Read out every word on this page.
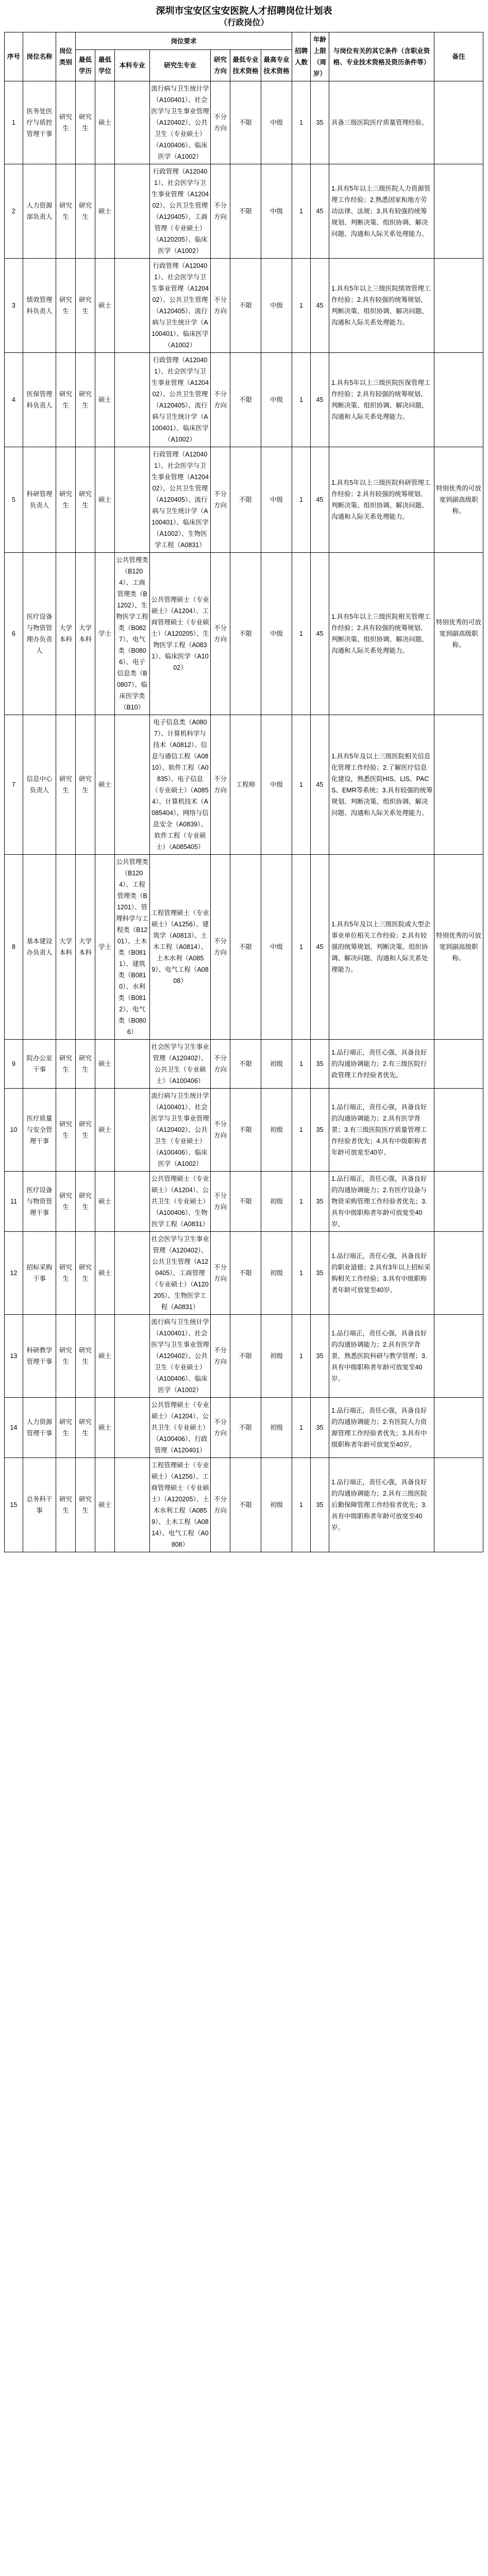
深圳市宝安区宝安医院人才招聘岗位计划表
（行政岗位）
序号	岗位名称	岗位类别	岗位要求							招聘人数	年龄上限（周岁）	与岗位有关的其它条件（含职业资格、专业技术资格及资历条件等）	备注
			最低学历	最低学位	本科专业	研究生专业	研究方向	最低专业技术资格	最高专业技术资格				
1	医务处医疗与质控管理干事	研究生	研究生	硕士		流行病与卫生统计学（A100401）、社会医学与卫生事业管理（A120402）、公共卫生（专业硕士）（A100406）、临床医学（A1002）	不分方向	不限	中级	1	35	具备三级医院医疗质量管理经验。	
2	人力资源部负责人	研究生	研究生	硕士		行政管理（A120401）、社会医学与卫生事业管理（A120402）、公共卫生管理（A120405）、工商管理（专业硕士）（A120205）、临床医学（A1002）	不分方向	不限	中级	1	45	1.具有5年以上三级医院人力资源管理工作经验；2.熟悉国家和地方劳动法律、法规；3.具有较强的统筹规划、判断决策、组织协调、解决问题、沟通和人际关系处理能力。	
3	绩效管理科负责人	研究生	研究生	硕士		行政管理（A120401）、社会医学与卫生事业管理（A120402）、公共卫生管理（A120405）、流行病与卫生统计学（A100401）、临床医学（A1002）	不分方向	不限	中级	1	45	1.具有5年以上三级医院绩效管理工作经验；2.具有较强的统筹规划、判断决策、组织协调、解决问题、沟通和人际关系处理能力。	
4	医保管理科负责人	研究生	研究生	硕士		行政管理（A120401）、社会医学与卫生事业管理（A120402）、公共卫生管理（A120405）、流行病与卫生统计学（A100401）、临床医学（A1002）	不分方向	不限	中级	1	45	1.具有5年以上三级医院医保管理工作经验；2.具有较强的统筹规划、判断决策、组织协调、解决问题、沟通和人际关系处理能力。	
5	科研管理负责人	研究生	研究生	硕士		行政管理（A120401）、社会医学与卫生事业管理（A120402）、公共卫生管理（A120405）、流行病与卫生统计学（A100401）、临床医学（A1002）、生物医学工程（A0831）	不分方向	不限	中级	1	45	1.具有5年以上三级医院科研管理工作经验；2.具有较强的统筹规划、判断决策、组织协调、解决问题、沟通和人际关系处理能力。	特别优秀的可放宽到副高级职称。
6	医疗设备与物资管理办负责人	大学本科	大学本科	学士	公共管理类（B1204）、工商管理类（B1202）、生物医学工程类（B0827）、电气类（B0806）、电子信息类（B0807）、临床医学类（B10）	公共管理硕士（专业硕士）（A1204）、工商管理硕士（专业硕士）（A120205）、生物医学工程（A0831）、临床医学（A1002）	不分方向	不限	中级	1	45	1.具有5年以上三级医院相关管理工作经验；2.具有较强的统筹规划、判断决策、组织协调、解决问题、沟通和人际关系处理能力。	特别优秀的可放宽到副高级职称。
7	信息中心负责人	研究生	研究生	硕士		电子信息类（A0807）、计算机科学与技术（A0812）、信息与通信工程（A0810）、软件工程（A0835）、电子信息（专业硕士）（A0854）、计算机技术（A085404）、网络与信息安全（A0839）、软件工程（专业硕士）（A085405）	不分方向	工程师	中级	1	45	1.具有5年及以上三级医院相关信息化管理工作经验；2.了解医疗信息化建设，熟悉医院HIS、LIS、PACS、EMR等系统；3.具有较强的统筹规划、判断决策、组织协调、解决问题、沟通和人际关系处理能力。	
8	基本建设办负责人	大学本科	大学本科	学士	公共管理类（B1204）、工程管理类（B1201）、管理科学与工程类（B1201）、土木类（B0811）、建筑类（B0810）、水利类（B0812）、电气类（B0806）	工程管理硕士（专业硕士）（A1256）、建筑学（A0813）、土木工程（A0814）、土木水利（A0859）、电气工程（A0808）	不分方向	不限	中级	1	45	1.具有5年及以上三级医院或大型企事业单位相关工作经验；2.具有较强的统筹规划、判断决策、组织协调、解决问题、沟通和人际关系处理能力。	特别优秀的可放宽到副高级职称。
9	院办公室干事	研究生	研究生	硕士		社会医学与卫生事业管理（A120402）、公共卫生（专业硕士）（A100406）	不分方向	不限	初级	1	35	1.品行端正，责任心强，具备良好的沟通协调能力；2.有三级医院行政管理工作经验者优先。	
10	医疗质量与安全管理干事	研究生	研究生	硕士		流行病与卫生统计学（A100401）、社会医学与卫生事业管理（A120402）、公共卫生（专业硕士）（A100406）、临床医学（A1002）	不分方向	不限	初级	1	35	1.品行端正，责任心强，具备良好的沟通协调能力；2.具有医学背景；3.有三级医院医疗质量管理工作经验者优先；4.具有中级职称者年龄可放宽至40岁。	
11	医疗设备与物资管理干事	研究生	研究生	硕士		公共管理硕士（专业硕士）（A1204）、公共卫生（专业硕士）（A100406）、生物医学工程（A0831）	不分方向	不限	初级	1	35	1.品行端正，责任心强，具备良好的沟通协调能力；2.有医疗设备与物资采购管理工作经验者优先；3.具有中级职称者年龄可放宽至40岁。	
12	招标采购干事	研究生	研究生	硕士		社会医学与卫生事业管理（A120402）、公共卫生管理（A120405）、工商管理（专业硕士）（A120205）、生物医学工程（A0831）	不分方向	不限	初级	1	35	1.品行端正，责任心强，具备良好的职业道德；2.具有3年以上招标采购相关工作经验；3.具有中级职称者年龄可放宽至40岁。	
13	科研教学管理干事	研究生	研究生	硕士		流行病与卫生统计学（A100401）、社会医学与卫生事业管理（A120402）、公共卫生（专业硕士）（A100406）、临床医学（A1002）	不分方向	不限	初级	1	35	1.品行端正，责任心强，具备良好的沟通协调能力；2.具有医学背景，熟悉医院科研与教学管理；3.具有中级职称者年龄可放宽至40岁。	
14	人力资源管理干事	研究生	研究生	硕士		公共管理硕士（专业硕士）（A1204）、公共卫生（专业硕士）（A100406）、行政管理（A120401）	不分方向	不限	初级	1	35	1.品行端正，责任心强，具备良好的沟通协调能力；2.有医院人力资源管理工作经验者优先；3.具有中级职称者年龄可放宽至40岁。	
15	总务科干事	研究生	研究生	硕士		工程管理硕士（专业硕士）（A1256）、工商管理硕士（专业硕士）（A120205）、土木水利工程（A0859）、土木工程（A0814）、电气工程（A0808）	不分方向	不限	初级	1	35	1.品行端正，责任心强，具备良好的沟通协调能力；2.具有三级医院后勤保障管理工作经验者优先；3.具有中级职称者年龄可放宽至40岁。	
